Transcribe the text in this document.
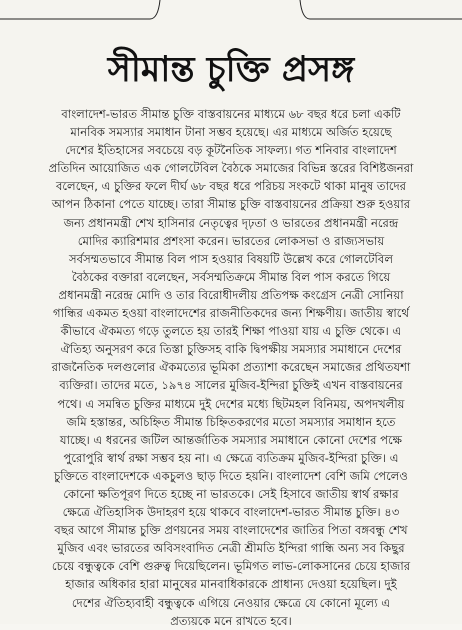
সীমান্ত চুক্তি প্রসঙ্গ
বাংলাদেশ-ভারত সীমান্ত চুক্তি বাস্তবায়নের মাধ্যমে ৬৮ বছর ধরে চলা একটি
মানবিক সমস্যার সমাধান টানা সম্ভব হয়েছে। এর মাধ্যমে অর্জিত হয়েছে
দেশের ইতিহাসের সবচেয়ে বড় কূটনৈতিক সাফল্য। গত শনিবার বাংলাদেশ
প্রতিদিন আয়োজিত এক গোলটেবিল বৈঠকে সমাজের বিভিন্ন স্তরের বিশিষ্টজনরা
বলেছেন, এ চুক্তির ফলে দীর্ঘ ৬৮ বছর ধরে পরিচয় সংকটে থাকা মানুষ তাদের
আপন ঠিকানা পেতে যাচ্ছে। তারা সীমান্ত চুক্তি বাস্তবায়নের প্রক্রিয়া শুরু হওয়ার
জন্য প্রধানমন্ত্রী শেখ হাসিনার নেতৃত্বের দৃঢ়তা ও ভারতের প্রধানমন্ত্রী নরেন্দ্র
মোদির ক্যারিশমার প্রশংসা করেন। ভারতের লোকসভা ও রাজ্যসভায়
সর্বসম্মতভাবে সীমান্ত বিল পাস হওয়ার বিষয়টি উল্লেখ করে গোলটেবিল
বৈঠকের বক্তারা বলেছেন, সর্বসম্মতিক্রমে সীমান্ত বিল পাস করতে গিয়ে
প্রধানমন্ত্রী নরেন্দ্র মোদি ও তার বিরোধীদলীয় প্রতিপক্ষ কংগ্রেস নেত্রী সোনিয়া
গান্ধির একমত হওয়া বাংলাদেশের রাজনীতিকদের জন্য শিক্ষণীয়। জাতীয় স্বার্থে
কীভাবে ঐকমত্য গড়ে তুলতে হয় তারই শিক্ষা পাওয়া যায় এ চুক্তি থেকে। এ
ঐতিহ্য অনুসরণ করে তিস্তা চুক্তিসহ বাকি দ্বিপক্ষীয় সমস্যার সমাধানে দেশের
রাজনৈতিক দলগুলোর ঐকমত্যের ভূমিকা প্রত্যাশা করেছেন সমাজের প্রথিতযশা
ব্যক্তিরা। তাদের মতে, ১৯৭৪ সালের মুজিব-ইন্দিরা চুক্তিই এখন বাস্তবায়নের
পথে। এ সমন্বিত চুক্তির মাধ্যমে দুই দেশের মধ্যে ছিটমহল বিনিময়, অপদখলীয়
জমি হস্তান্তর, অচিহ্নিত সীমান্ত চিহ্নিতকরণের মতো সমস্যার সমাধান হতে
যাচ্ছে। এ ধরনের জটিল আন্তর্জাতিক সমস্যার সমাধানে কোনো দেশের পক্ষে
পুরোপুরি স্বার্থ রক্ষা সম্ভব হয় না। এ ক্ষেত্রে ব্যতিক্রম মুজিব-ইন্দিরা চুক্তি। এ
চুক্তিতে বাংলাদেশকে একচুলও ছাড় দিতে হয়নি। বাংলাদেশ বেশি জমি পেলেও
কোনো ক্ষতিপূরণ দিতে হচ্ছে না ভারতকে। সেই হিসাবে জাতীয় স্বার্থ রক্ষার
ক্ষেত্রে ঐতিহাসিক উদাহরণ হয়ে থাকবে বাংলাদেশ-ভারত সীমান্ত চুক্তি। ৪৩
বছর আগে সীমান্ত চুক্তি প্রণয়নের সময় বাংলাদেশের জাতির পিতা বঙ্গবন্ধু শেখ
মুজিব এবং ভারতের অবিসংবাদিত নেত্রী শ্রীমতি ইন্দিরা গান্ধি অন্য সব কিছুর
চেয়ে বন্ধুত্বকে বেশি গুরুত্ব দিয়েছিলেন। ভূমিগত লাভ-লোকসানের চেয়ে হাজার
হাজার অধিকার হারা মানুষের মানবাধিকারকে প্রাধান্য দেওয়া হয়েছিল। দুই
দেশের ঐতিহ্যবাহী বন্ধুত্বকে এগিয়ে নেওয়ার ক্ষেত্রে যে কোনো মূল্যে এ
প্রত্যয়কে মনে রাখতে হবে।
